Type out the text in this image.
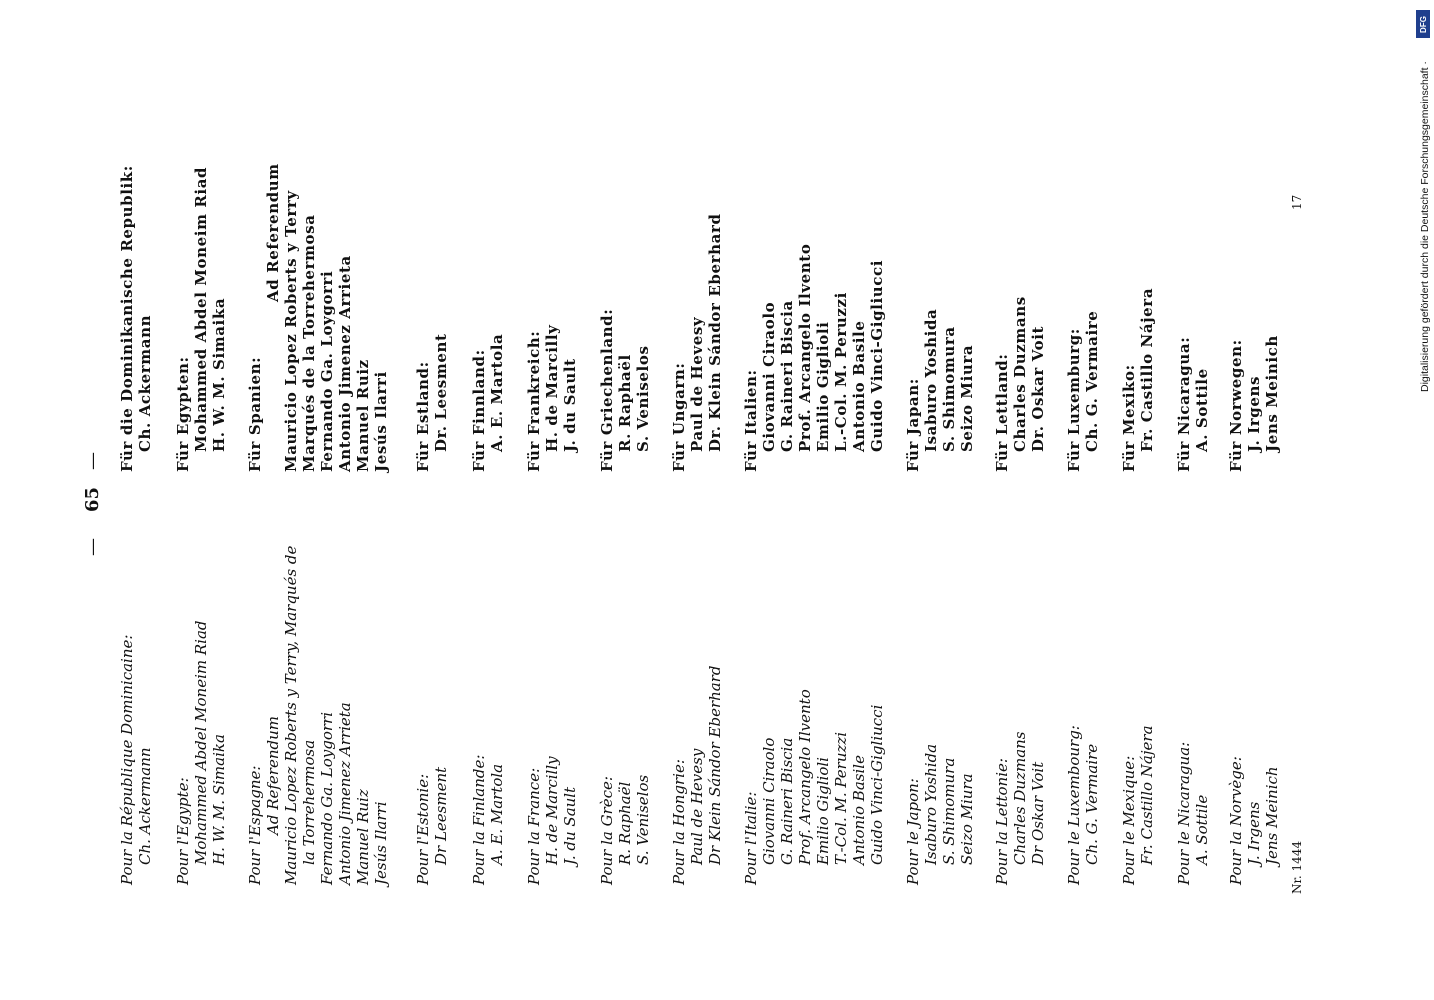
—
65
—
Pour la République Dominicaine: Ch. Ackermann Pour l'Egypte: Mohammed Abdel Moneim Riad H. W. M. Simaika Pour l'Espagne: Ad Referendum Mauricio Lopez Roberts y Terry, Marqués de la Torrehermosa Fernando Ga. Loygorri Antonio Jimenez Arrieta Manuel Ruiz Jesús Ilarri Pour l'Estonie: Dr Leesment Pour la Finlande: A. E. Martola Pour la France: H. de Marcilly J. du Sault Pour la Grèce: R. Raphaël S. Veniselos Pour la Hongrie: Paul de Hevesy Dr Klein Sándor Eberhard Pour l'Italie: Giovanni Ciraolo G. Raineri Biscia Prof. Arcangelo Ilvento Emilio Giglioli T.-Col. M. Peruzzi Antonio Basile Guido Vinci-Gigliucci Pour le Japon: Isaburo Yoshida S. Shimomura Seizo Miura Pour la Lettonie: Charles Duzmans Dr Oskar Voit Pour le Luxembourg: Ch. G. Vermaire Pour le Mexique: Fr. Castillo Nájera Pour le Nicaragua: A. Sottile Pour la Norvège: J. Irgens Jens Meinich
Für die Dominikanische Republik: Ch. Ackermann Für Egypten: Mohammed Abdel Moneim Riad H. W. M. Simaika Für Spanien:
Ad Referendum Mauricio Lopez Roberts y Terry Marqués de la Torrehermosa Fernando Ga. Loygorri Antonio Jimenez Arrieta Manuel Ruiz Jesús Ilarri Für Estland: Dr. Leesment Für Finnland: A. E. Martola Für Frankreich: H. de Marcilly J. du Sault Für Griechenland: R. Raphaël S. Veniselos Für Ungarn: Paul de Hevesy Dr. Klein Sándor Eberhard Für Italien: Giovanni Ciraolo G. Raineri Biscia Prof. Arcangelo Ilvento Emilio Giglioli L.-Col. M. Peruzzi Antonio Basile Guido Vinci-Gigliucci Für Japan: Isaburo Yoshida S. Shimomura Seizo Miura Für Lettland: Charles Duzmans Dr. Oskar Voit Für Luxemburg: Ch. G. Vermaire Für Mexiko: Fr. Castillo Nájera Für Nicaragua: A. Sottile Für Norwegen: J. Irgens Jens Meinich
Nr. 1444
17
DFG
Digitalisierung gefördert durch die Deutsche Forschungsgemeinschaft ·
